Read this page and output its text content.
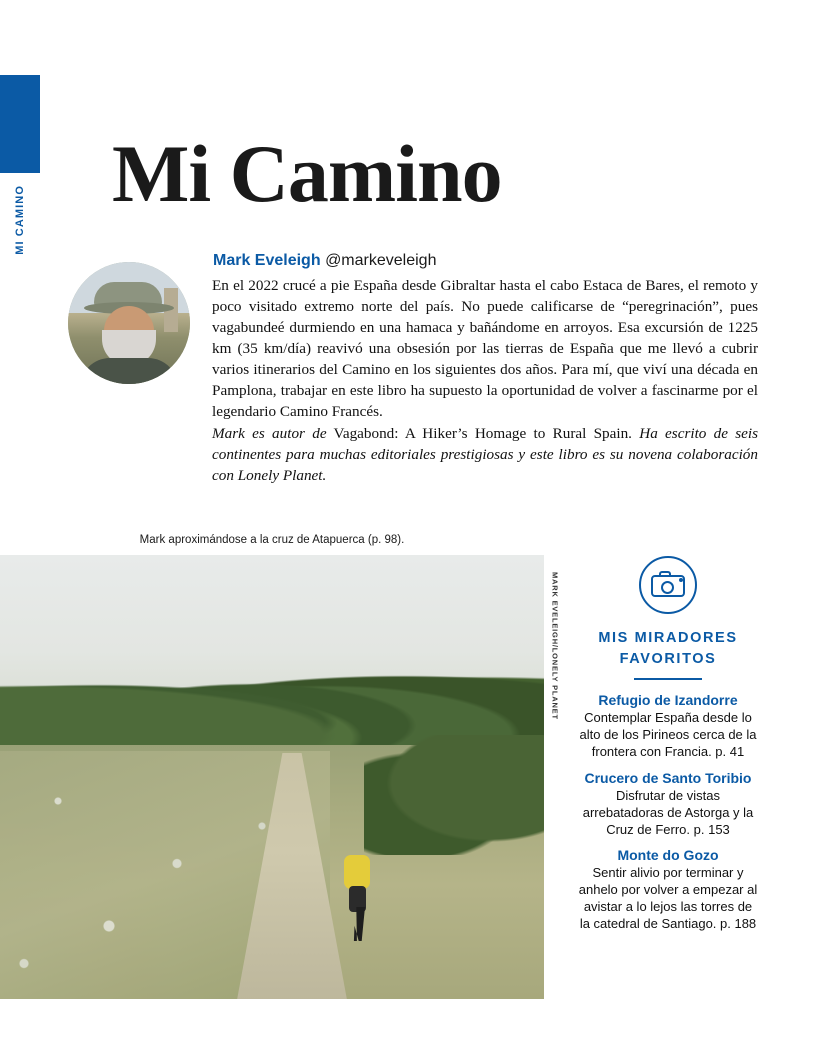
MI CAMINO
Mi Camino
Mark Eveleigh @markeveleigh

En el 2022 crucé a pie España desde Gibraltar hasta el cabo Estaca de Bares, el remoto y poco visitado extremo norte del país. No puede calificarse de “peregrinación”, pues vagabundeé durmiendo en una hamaca y bañándome en arroyos. Esa excursión de 1225 km (35 km/día) reavivó una obsesión por las tierras de España que me llevó a cubrir varios itinerarios del Camino en los siguientes dos años. Para mí, que viví una década en Pamplona, trabajar en este libro ha supuesto la oportunidad de volver a fascinarme por el legendario Camino Francés.

Mark es autor de Vagabond: A Hiker’s Homage to Rural Spain. Ha escrito de seis continentes para muchas editoriales prestigiosas y este libro es su novena colaboración con Lonely Planet.

Mark aproximándose a la cruz de Atapuerca (p. 98).
MARK EVELEIGH/LONELY PLANET	MIS MIRADORES
FAVORITOS
Refugio de Izandorre
Contemplar España desde lo alto de los Pirineos cerca de la frontera con Francia. p. 41
Crucero de Santo Toribio
Disfrutar de vistas arrebatadoras de Astorga y la Cruz de Ferro. p. 153
Monte do Gozo
Sentir alivio por terminar y anhelo por volver a empezar al avistar a lo lejos las torres de la catedral de Santiago. p. 188
